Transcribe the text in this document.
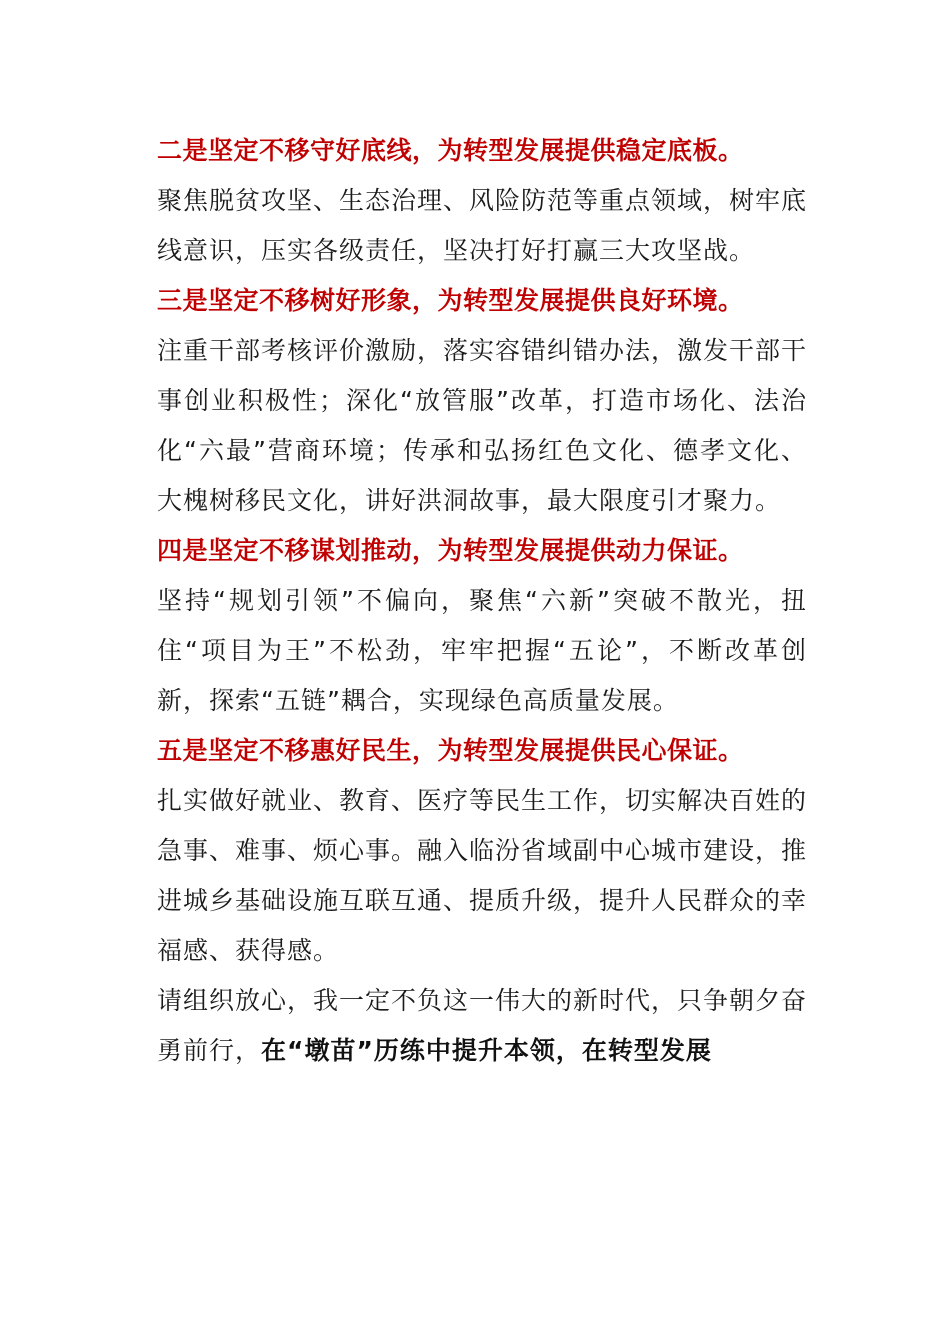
二是坚定不移守好底线，为转型发展提供稳定底板。

聚焦脱贫攻坚、生态治理、风险防范等重点领域，树牢底线意识，压实各级责任，坚决打好打赢三大攻坚战。

三是坚定不移树好形象，为转型发展提供良好环境。

注重干部考核评价激励，落实容错纠错办法，激发干部干事创业积极性；深化“放管服”改革，打造市场化、法治化“六最”营商环境；传承和弘扬红色文化、德孝文化、大槐树移民文化，讲好洪洞故事，最大限度引才聚力。

四是坚定不移谋划推动，为转型发展提供动力保证。

坚持“规划引领”不偏向，聚焦“六新”突破不散光，扭住“项目为王”不松劲，牢牢把握“五论”，不断改革创新，探索“五链”耦合，实现绿色高质量发展。

五是坚定不移惠好民生，为转型发展提供民心保证。

扎实做好就业、教育、医疗等民生工作，切实解决百姓的急事、难事、烦心事。融入临汾省域副中心城市建设，推进城乡基础设施互联互通、提质升级，提升人民群众的幸福感、获得感。

请组织放心，我一定不负这一伟大的新时代，只争朝夕奋勇前行，在“墩苗”历练中提升本领，在转型发展
